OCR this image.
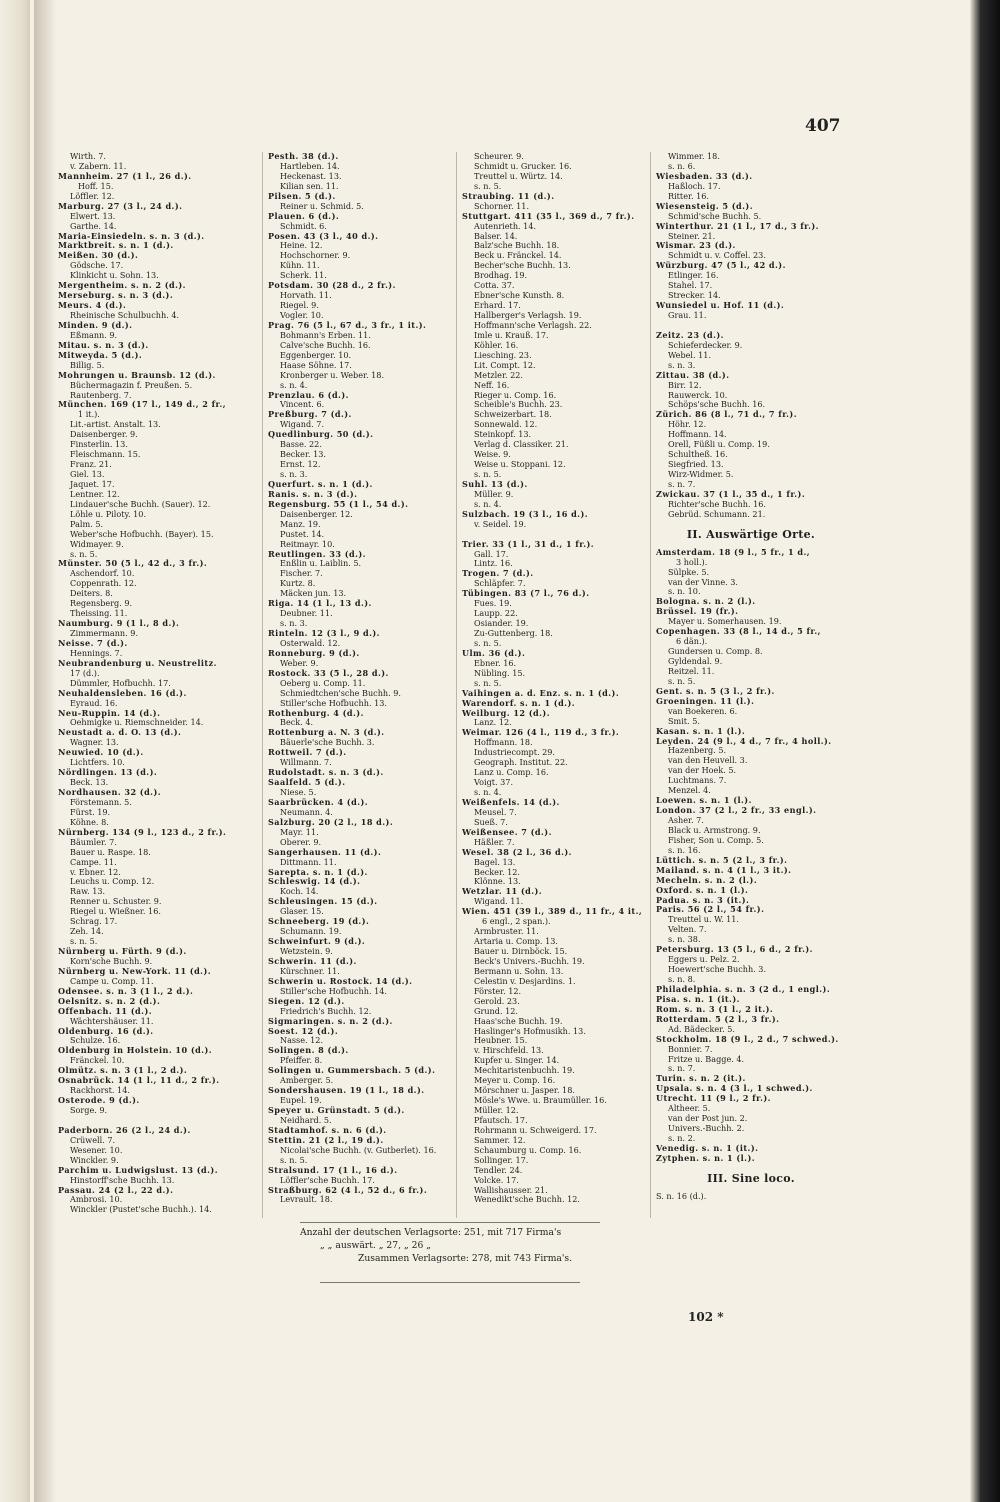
407
Wirth. 7.
v. Zabern. 11.
Mannheim. 27 (1 l., 26 d.).
Hoff. 15.
Löffler. 12.
Marburg. 27 (3 l., 24 d.).
Elwert. 13.
Garthe. 14.
Maria-Einsiedeln. s. n. 3 (d.).
Marktbreit. s. n. 1 (d.).
Meißen. 30 (d.).
Gödsche. 17.
Klinkicht u. Sohn. 13.
Mergentheim. s. n. 2 (d.).
Merseburg. s. n. 3 (d.).
Meurs. 4 (d.).
Rheinische Schulbuchh. 4.
Minden. 9 (d.).
Eßmann. 9.
Mitau. s. n. 3 (d.).
Mitweyda. 5 (d.).
Billig. 5.
Mohrungen u. Braunsb. 12 (d.).
Büchermagazin f. Preußen. 5.
Rautenberg. 7.
München. 169 (17 l., 149 d., 2 fr.,
1 it.).
Lit.-artist. Anstalt. 13.
Daisenberger. 9.
Finsterlin. 13.
Fleischmann. 15.
Franz. 21.
Giel. 13.
Jaquet. 17.
Lentner. 12.
Lindauer'sche Buchh. (Sauer). 12.
Löhle u. Piloty. 10.
Palm. 5.
Weber'sche Hofbuchh. (Bayer). 15.
Widmayer. 9.
s. n. 5.
Münster. 50 (5 l., 42 d., 3 fr.).
Aschendorf. 10.
Coppenrath. 12.
Deiters. 8.
Regensberg. 9.
Theissing. 11.
Naumburg. 9 (1 l., 8 d.).
Zimmermann. 9.
Neisse. 7 (d.).
Hennings. 7.
Neubrandenburg u. Neustrelitz.
17 (d.).
Dümmler, Hofbuchh. 17.
Neuhaldensleben. 16 (d.).
Eyraud. 16.
Neu-Ruppin. 14 (d.).
Oehmigke u. Riemschneider. 14.
Neustadt a. d. O. 13 (d.).
Wagner. 13.
Neuwied. 10 (d.).
Lichtfers. 10.
Nördlingen. 13 (d.).
Beck. 13.
Nordhausen. 32 (d.).
Förstemann. 5.
Fürst. 19.
Köhne. 8.
Nürnberg. 134 (9 l., 123 d., 2 fr.).
Bäumler. 7.
Bauer u. Raspe. 18.
Campe. 11.
v. Ebner. 12.
Leuchs u. Comp. 12.
Raw. 13.
Renner u. Schuster. 9.
Riegel u. Wießner. 16.
Schrag. 17.
Zeh. 14.
s. n. 5.
Nürnberg u. Fürth. 9 (d.).
Korn'sche Buchh. 9.
Nürnberg u. New-York. 11 (d.).
Campe u. Comp. 11.
Odensee. s. n. 3 (1 l., 2 d.).
Oelsnitz. s. n. 2 (d.).
Offenbach. 11 (d.).
Wächtershäuser. 11.
Oldenburg. 16 (d.).
Schulze. 16.
Oldenburg in Holstein. 10 (d.).
Fränckel. 10.
Olmütz. s. n. 3 (1 l., 2 d.).
Osnabrück. 14 (1 l., 11 d., 2 fr.).
Rackhorst. 14.
Osterode. 9 (d.).
Sorge. 9.
Paderborn. 26 (2 l., 24 d.).
Crüwell. 7.
Wesener. 10.
Winckler. 9.
Parchim u. Ludwigslust. 13 (d.).
Hinstorff'sche Buchh. 13.
Passau. 24 (2 l., 22 d.).
Ambrosi. 10.
Winckler (Pustet'sche Buchh.). 14.
Pesth. 38 (d.).
Hartleben. 14.
Heckenast. 13.
Kilian sen. 11.
Pilsen. 5 (d.).
Reiner u. Schmid. 5.
Plauen. 6 (d.).
Schmidt. 6.
Posen. 43 (3 l., 40 d.).
Heine. 12.
Hochschorner. 9.
Kühn. 11.
Scherk. 11.
Potsdam. 30 (28 d., 2 fr.).
Horvath. 11.
Riegel. 9.
Vogler. 10.
Prag. 76 (5 l., 67 d., 3 fr., 1 it.).
Bohmann's Erben. 11.
Calve'sche Buchh. 16.
Eggenberger. 10.
Haase Söhne. 17.
Kronberger u. Weber. 18.
s. n. 4.
Prenzlau. 6 (d.).
Vincent. 6.
Preßburg. 7 (d.).
Wigand. 7.
Quedlinburg. 50 (d.).
Basse. 22.
Becker. 13.
Ernst. 12.
s. n. 3.
Querfurt. s. n. 1 (d.).
Ranis. s. n. 3 (d.).
Regensburg. 55 (1 l., 54 d.).
Daisenberger. 12.
Manz. 19.
Pustet. 14.
Reitmayr. 10.
Reutlingen. 33 (d.).
Enßlin u. Laiblin. 5.
Fischer. 7.
Kurtz. 8.
Mäcken jun. 13.
Riga. 14 (1 l., 13 d.).
Deubner. 11.
s. n. 3.
Rinteln. 12 (3 l., 9 d.).
Osterwald. 12.
Ronneburg. 9 (d.).
Weber. 9.
Rostock. 33 (5 l., 28 d.).
Oeberg u. Comp. 11.
Schmiedtchen'sche Buchh. 9.
Stiller'sche Hofbuchh. 13.
Rothenburg. 4 (d.).
Beck. 4.
Rottenburg a. N. 3 (d.).
Bäuerle'sche Buchh. 3.
Rottweil. 7 (d.).
Willmann. 7.
Rudolstadt. s. n. 3 (d.).
Saalfeld. 5 (d.).
Niese. 5.
Saarbrücken. 4 (d.).
Neumann. 4.
Salzburg. 20 (2 l., 18 d.).
Mayr. 11.
Oberer. 9.
Sangerhausen. 11 (d.).
Dittmann. 11.
Sarepta. s. n. 1 (d.).
Schleswig. 14 (d.).
Koch. 14.
Schleusingen. 15 (d.).
Glaser. 15.
Schneeberg. 19 (d.).
Schumann. 19.
Schweinfurt. 9 (d.).
Wetzstein. 9.
Schwerin. 11 (d.).
Kürschner. 11.
Schwerin u. Rostock. 14 (d.).
Stiller'sche Hofbuchh. 14.
Siegen. 12 (d.).
Friedrich's Buchh. 12.
Sigmaringen. s. n. 2 (d.).
Soest. 12 (d.).
Nasse. 12.
Solingen. 8 (d.).
Pfeiffer. 8.
Solingen u. Gummersbach. 5 (d.).
Amberger. 5.
Sondershausen. 19 (1 l., 18 d.).
Eupel. 19.
Speyer u. Grünstadt. 5 (d.).
Neidhard. 5.
Stadtamhof. s. n. 6 (d.).
Stettin. 21 (2 l., 19 d.).
Nicolai'sche Buchh. (v. Gutberlet). 16.
s. n. 5.
Stralsund. 17 (1 l., 16 d.).
Löffler'sche Buchh. 17.
Straßburg. 62 (4 l., 52 d., 6 fr.).
Levrault. 18.
Scheurer. 9.
Schmidt u. Grucker. 16.
Treuttel u. Würtz. 14.
s. n. 5.
Straubing. 11 (d.).
Schorner. 11.
Stuttgart. 411 (35 l., 369 d., 7 fr.).
Autenrieth. 14.
Balser. 14.
Balz'sche Buchh. 18.
Beck u. Fränckel. 14.
Becher'sche Buchh. 13.
Brodhag. 19.
Cotta. 37.
Ebner'sche Kunsth. 8.
Erhard. 17.
Hallberger's Verlagsh. 19.
Hoffmann'sche Verlagsh. 22.
Imle u. Krauß. 17.
Köhler. 16.
Liesching. 23.
Lit. Compt. 12.
Metzler. 22.
Neff. 16.
Rieger u. Comp. 16.
Scheible's Buchh. 23.
Schweizerbart. 18.
Sonnewald. 12.
Steinkopf. 13.
Verlag d. Classiker. 21.
Weise. 9.
Weise u. Stoppani. 12.
s. n. 5.
Suhl. 13 (d.).
Müller. 9.
s. n. 4.
Sulzbach. 19 (3 l., 16 d.).
v. Seidel. 19.
Trier. 33 (1 l., 31 d., 1 fr.).
Gall. 17.
Lintz. 16.
Trogen. 7 (d.).
Schläpfer. 7.
Tübingen. 83 (7 l., 76 d.).
Fues. 19.
Laupp. 22.
Osiander. 19.
Zu-Guttenberg. 18.
s. n. 5.
Ulm. 36 (d.).
Ebner. 16.
Nübling. 15.
s. n. 5.
Vaihingen a. d. Enz. s. n. 1 (d.).
Warendorf. s. n. 1 (d.).
Weilburg. 12 (d.).
Lanz. 12.
Weimar. 126 (4 l., 119 d., 3 fr.).
Hoffmann. 18.
Industriecompt. 29.
Geograph. Institut. 22.
Lanz u. Comp. 16.
Voigt. 37.
s. n. 4.
Weißenfels. 14 (d.).
Meusel. 7.
Sueß. 7.
Weißensee. 7 (d.).
Häßler. 7.
Wesel. 38 (2 l., 36 d.).
Bagel. 13.
Becker. 12.
Klönne. 13.
Wetzlar. 11 (d.).
Wigand. 11.
Wien. 451 (39 l., 389 d., 11 fr., 4 it.,
6 engl., 2 span.).
Armbruster. 11.
Artaria u. Comp. 13.
Bauer u. Dirnböck. 15.
Beck's Univers.-Buchh. 19.
Bermann u. Sohn. 13.
Celestin v. Desjardins. 1.
Förster. 12.
Gerold. 23.
Grund. 12.
Haas'sche Buchh. 19.
Haslinger's Hofmusikh. 13.
Heubner. 15.
v. Hirschfeld. 13.
Kupfer u. Singer. 14.
Mechitaristenbuchh. 19.
Meyer u. Comp. 16.
Mörschner u. Jasper. 18.
Mösle's Wwe. u. Braumüller. 16.
Müller. 12.
Pfautsch. 17.
Rohrmann u. Schweigerd. 17.
Sammer. 12.
Schaumburg u. Comp. 16.
Sollinger. 17.
Tendler. 24.
Volcke. 17.
Wallishausser. 21.
Wenedikt'sche Buchh. 12.
Wimmer. 18.
s. n. 6.
Wiesbaden. 33 (d.).
Haßloch. 17.
Ritter. 16.
Wiesensteig. 5 (d.).
Schmid'sche Buchh. 5.
Winterthur. 21 (1 l., 17 d., 3 fr.).
Steiner. 21.
Wismar. 23 (d.).
Schmidt u. v. Coffel. 23.
Würzburg. 47 (5 l., 42 d.).
Etlinger. 16.
Stahel. 17.
Strecker. 14.
Wunsiedel u. Hof. 11 (d.).
Grau. 11.
Zeitz. 23 (d.).
Schieferdecker. 9.
Webel. 11.
s. n. 3.
Zittau. 38 (d.).
Birr. 12.
Rauwerck. 10.
Schöps'sche Buchh. 16.
Zürich. 86 (8 l., 71 d., 7 fr.).
Höhr. 12.
Hoffmann. 14.
Orell, Füßli u. Comp. 19.
Schultheß. 16.
Siegfried. 13.
Wirz-Widmer. 5.
s. n. 7.
Zwickau. 37 (1 l., 35 d., 1 fr.).
Richter'sche Buchh. 16.
Gebrüd. Schumann. 21.
II. Auswärtige Orte.
Amsterdam. 18 (9 l., 5 fr., 1 d.,
3 holl.).
Sülpke. 5.
van der Vinne. 3.
s. n. 10.
Bologna. s. n. 2 (l.).
Brüssel. 19 (fr.).
Mayer u. Somerhausen. 19.
Copenhagen. 33 (8 l., 14 d., 5 fr.,
6 dän.).
Gundersen u. Comp. 8.
Gyldendal. 9.
Reitzel. 11.
s. n. 5.
Gent. s. n. 5 (3 l., 2 fr.).
Groeningen. 11 (l.).
van Boekeren. 6.
Smit. 5.
Kasan. s. n. 1 (l.).
Leyden. 24 (9 l., 4 d., 7 fr., 4 holl.).
Hazenberg. 5.
van den Heuvell. 3.
van der Hoek. 5.
Luchtmans. 7.
Menzel. 4.
Loewen. s. n. 1 (l.).
London. 37 (2 l., 2 fr., 33 engl.).
Asher. 7.
Black u. Armstrong. 9.
Fisher, Son u. Comp. 5.
s. n. 16.
Lüttich. s. n. 5 (2 l., 3 fr.).
Mailand. s. n. 4 (1 l., 3 it.).
Mecheln. s. n. 2 (l.).
Oxford. s. n. 1 (l.).
Padua. s. n. 3 (it.).
Paris. 56 (2 l., 54 fr.).
Treuttel u. W. 11.
Velten. 7.
s. n. 38.
Petersburg. 13 (5 l., 6 d., 2 fr.).
Eggers u. Pelz. 2.
Hoewert'sche Buchh. 3.
s. n. 8.
Philadelphia. s. n. 3 (2 d., 1 engl.).
Pisa. s. n. 1 (it.).
Rom. s. n. 3 (1 l., 2 it.).
Rotterdam. 5 (2 l., 3 fr.).
Ad. Bädecker. 5.
Stockholm. 18 (9 l., 2 d., 7 schwed.).
Bonnier. 7.
Fritze u. Bagge. 4.
s. n. 7.
Turin. s. n. 2 (it.).
Upsala. s. n. 4 (3 l., 1 schwed.).
Utrecht. 11 (9 l., 2 fr.).
Altheer. 5.
van der Post jun. 2.
Univers.-Buchh. 2.
s. n. 2.
Venedig. s. n. 1 (it.).
Zytphen. s. n. 1 (l.).
III. Sine loco.
S. n. 16 (d.).
Anzahl der deutschen Verlagsorte: 251, mit 717 Firma's
„ „ auswärt. „ 27, „ 26 „
Zusammen Verlagsorte: 278, mit 743 Firma's.
102 *
